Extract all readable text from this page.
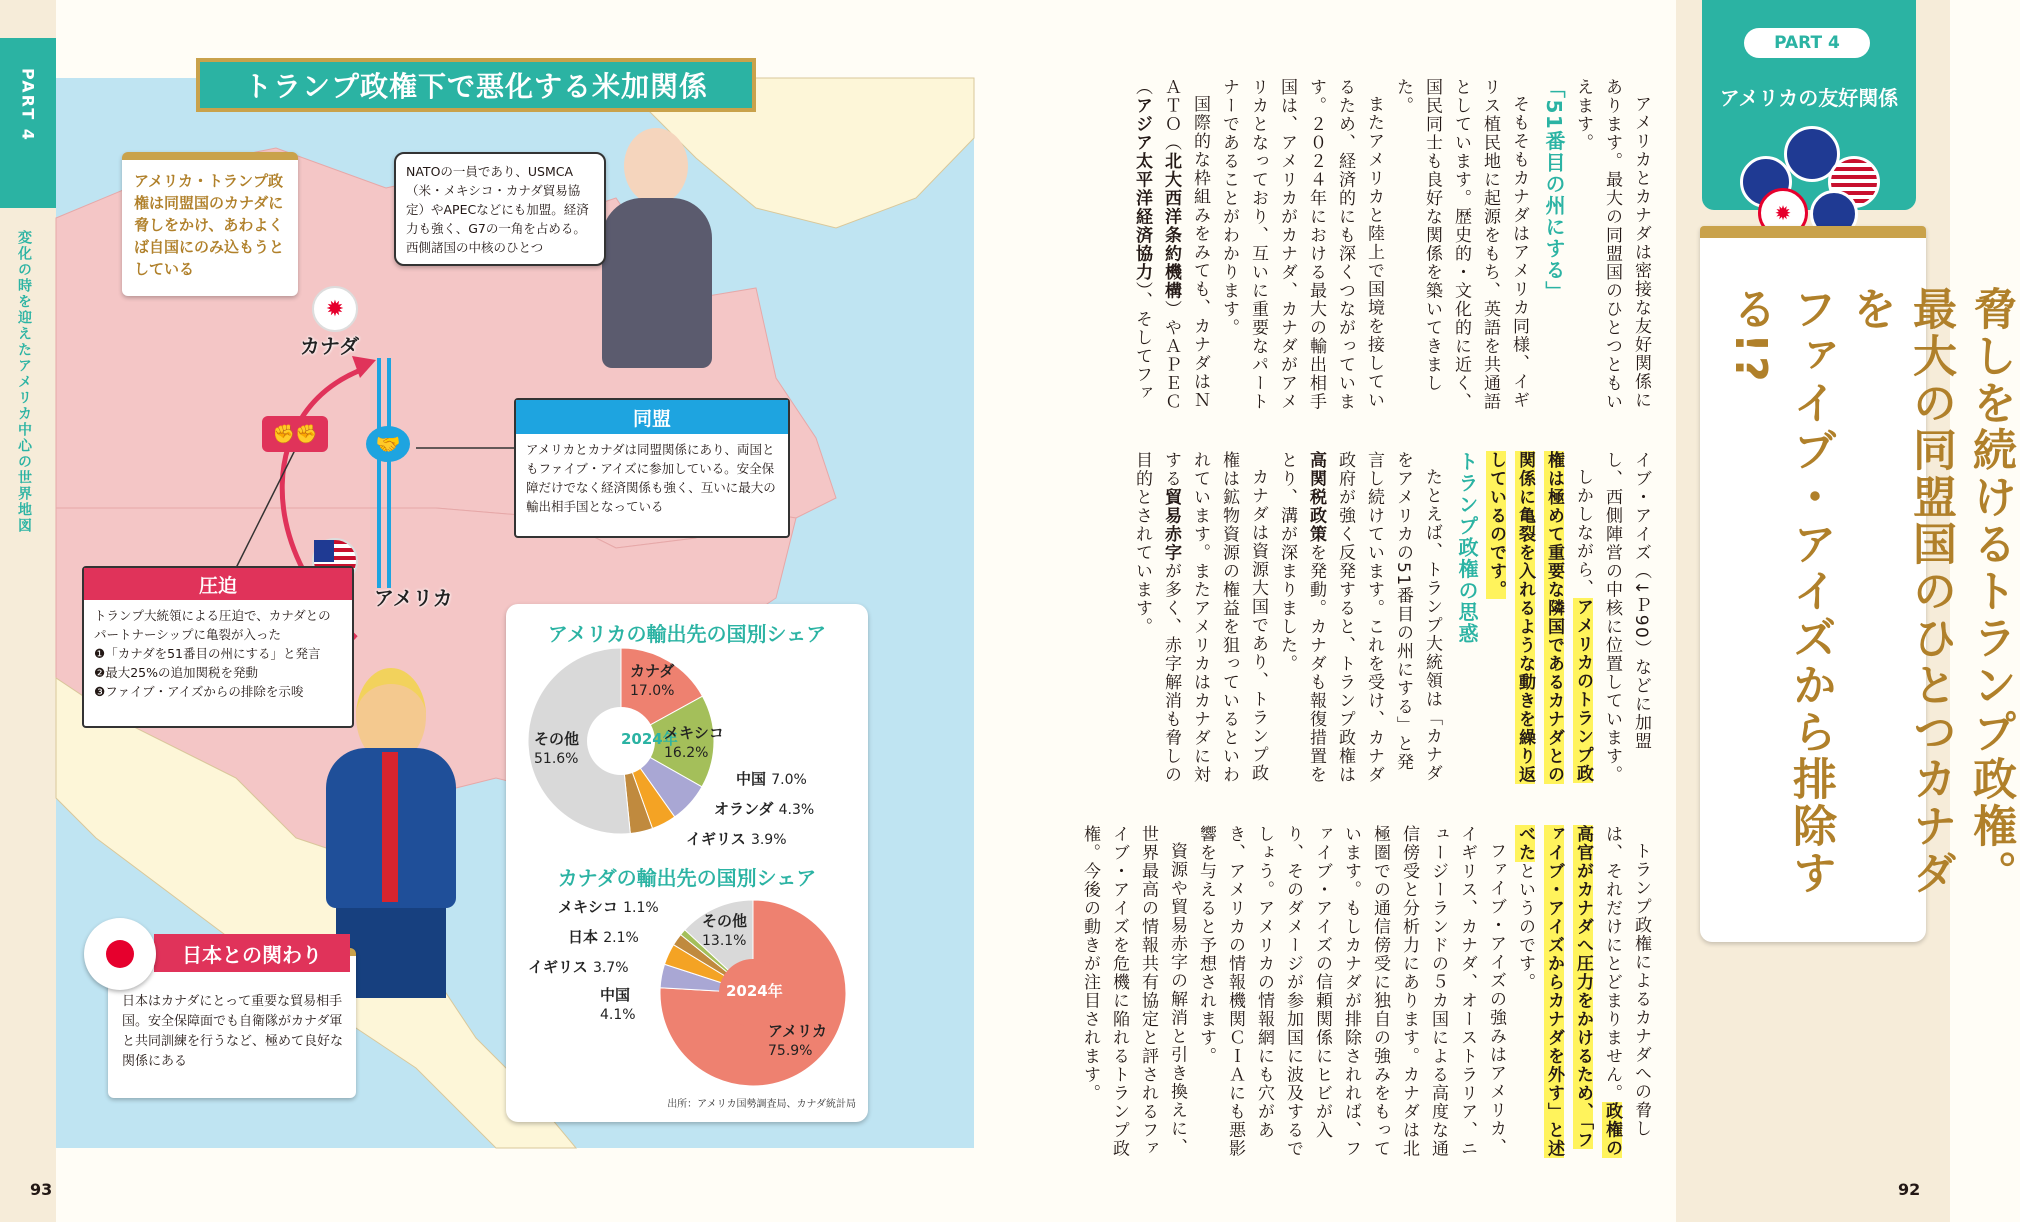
PART 4
変化の時を迎えたアメリカ中心の世界地図
93
✹
カナダ
アメリカ
🤝
✊✊
トランプ政権下で悪化する米加関係
アメリカ・トランプ政権は同盟国のカナダに脅しをかけ、あわよくば自国にのみ込もうとしている
NATOの一員であり、USMCA（米・メキシコ・カナダ貿易協定）やAPECなどにも加盟。経済力も強く、G7の一角を占める。西側諸国の中核のひとつ
同盟
アメリカとカナダは同盟関係にあり、両国ともファイブ・アイズに参加している。安全保障だけでなく経済関係も強く、互いに最大の輸出相手国となっている
圧迫
トランプ大統領による圧迫で、カナダとのパートナーシップに亀裂が入った
❶「カナダを51番目の州にする」と発言
❷最大25%の追加関税を発動
❸ファイブ・アイズからの排除を示唆
アメリカの輸出先の国別シェア
2024年
カナダ
17.0%
メキシコ
16.2%
中国 7.0%
オランダ 4.3%
イギリス 3.9%
その他
51.6%
カナダの輸出先の国別シェア
2024年
アメリカ
75.9%
中国
4.1%
イギリス 3.7%
日本 2.1%
メキシコ 1.1%
その他
13.1%
出所：アメリカ国勢調査局、カナダ統計局
日本はカナダにとって重要な貿易相手国。安全保障面でも自衛隊がカナダ軍と共同訓練を行うなど、極めて良好な関係にある
日本との関わり

アメリカとカナダは密接な友好関係にあります。最大の同盟国のひとつともいえます。

「51番目の州にする」

そもそもカナダはアメリカ同様、イギリス植民地に起源をもち、英語を共通語としています。歴史的・文化的に近く、国民同士も良好な関係を築いてきました。

またアメリカと陸上で国境を接しているため、経済的にも深くつながっています。２０２４年における最大の輸出相手国は、アメリカがカナダ、カナダがアメリカとなっており、互いに重要なパートナーであることがわかります。

国際的な枠組みをみても、カナダはＮＡＴＯ（北大西洋条約機構）やＡＰＥＣ（アジア太平洋経済協力）、そしてファイブ・アイズ（↓Ｐ90）などに加盟し、西側陣営の中核に位置しています。

しかしながら、アメリカのトランプ政権は極めて重要な隣国であるカナダとの関係に亀裂を入れるような動きを繰り返しているのです。

トランプ政権の思惑

たとえば、トランプ大統領は「カナダをアメリカの51番目の州にする」と発言し続けています。これを受け、カナダ政府が強く反発すると、トランプ政権は高関税政策を発動。カナダも報復措置をとり、溝が深まりました。

カナダは資源大国であり、トランプ政権は鉱物資源の権益を狙っているといわれています。またアメリカはカナダに対する貿易赤字が多く、赤字解消も脅しの目的とされています。

トランプ政権によるカナダへの脅しは、それだけにとどまりません。政権の高官がカナダへ圧力をかけるため、「ファイブ・アイズからカナダを外す」と述べたというのです。

ファイブ・アイズの強みはアメリカ、イギリス、カナダ、オーストラリア、ニュージーランドの５カ国による高度な通信傍受と分析力にあります。カナダは北極圏での通信傍受に独自の強みをもっています。もしカナダが排除されれば、ファイブ・アイズの信頼関係にヒビが入り、そのダメージが参加国に波及するでしょう。アメリカの情報網にも穴があき、アメリカの情報機関ＣＩＡにも悪影響を与えると予想されます。

資源や貿易赤字の解消と引き換えに、世界最高の情報共有協定と評されるファイブ・アイズを危機に陥れるトランプ政権。今後の動きが注目されます。

PART 4
アメリカの友好関係
✹
脅しを続けるトランプ政権。
最大の同盟国のひとつカナダを
ファイブ・アイズから排除する!?
92
